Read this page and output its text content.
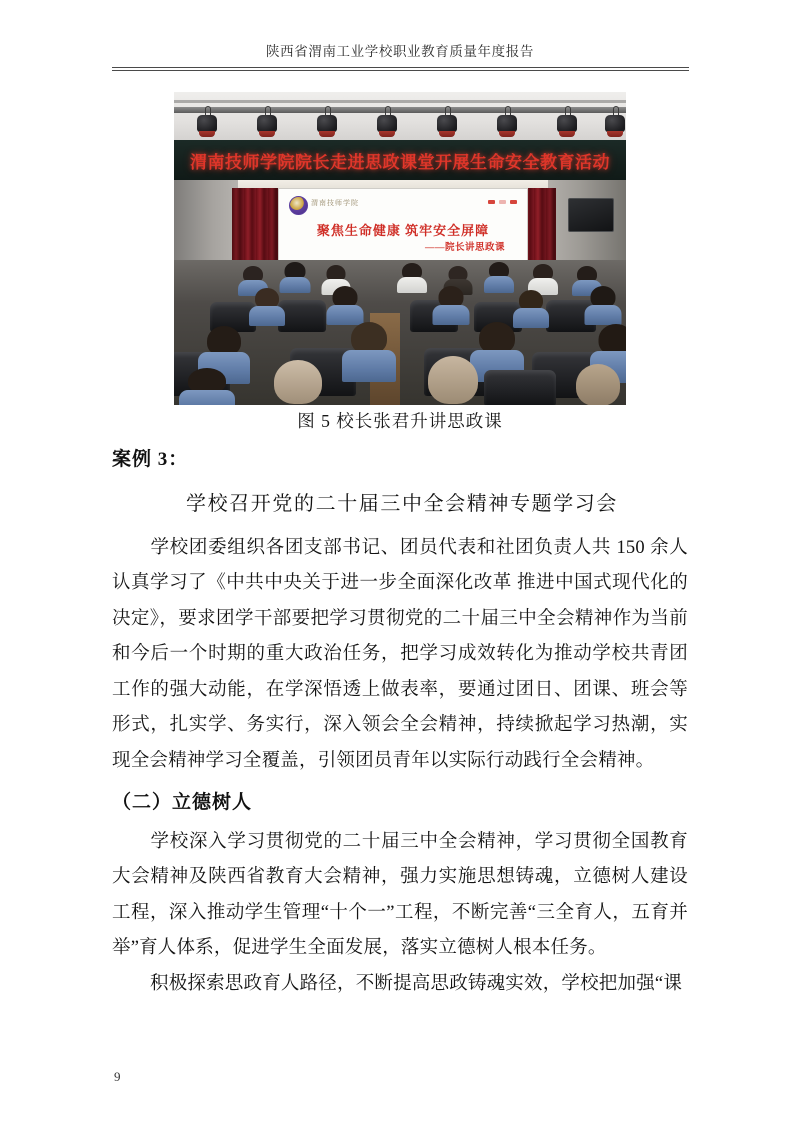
陕西省渭南工业学校职业教育质量年度报告
渭南技师学院院长走进思政课堂开展生命安全教育活动
渭南技师学院
聚焦生命健康 筑牢安全屏障
——院长讲思政课
图 5 校长张君升讲思政课
案例 3：
学校召开党的二十届三中全会精神专题学习会

学校团委组织各团支部书记、团员代表和社团负责人共 150 余人认真学习了《中共中央关于进一步全面深化改革 推进中国式现代化的决定》，要求团学干部要把学习贯彻党的二十届三中全会精神作为当前和今后一个时期的重大政治任务，把学习成效转化为推动学校共青团工作的强大动能，在学深悟透上做表率，要通过团日、团课、班会等形式，扎实学、务实行，深入领会全会精神，持续掀起学习热潮，实现全会精神学习全覆盖，引领团员青年以实际行动践行全会精神。

（二）立德树人

学校深入学习贯彻党的二十届三中全会精神，学习贯彻全国教育大会精神及陕西省教育大会精神，强力实施思想铸魂，立德树人建设工程，深入推动学生管理“十个一”工程，不断完善“三全育人，五育并举”育人体系，促进学生全面发展，落实立德树人根本任务。

积极探索思政育人路径，不断提高思政铸魂实效，学校把加强“课

9
